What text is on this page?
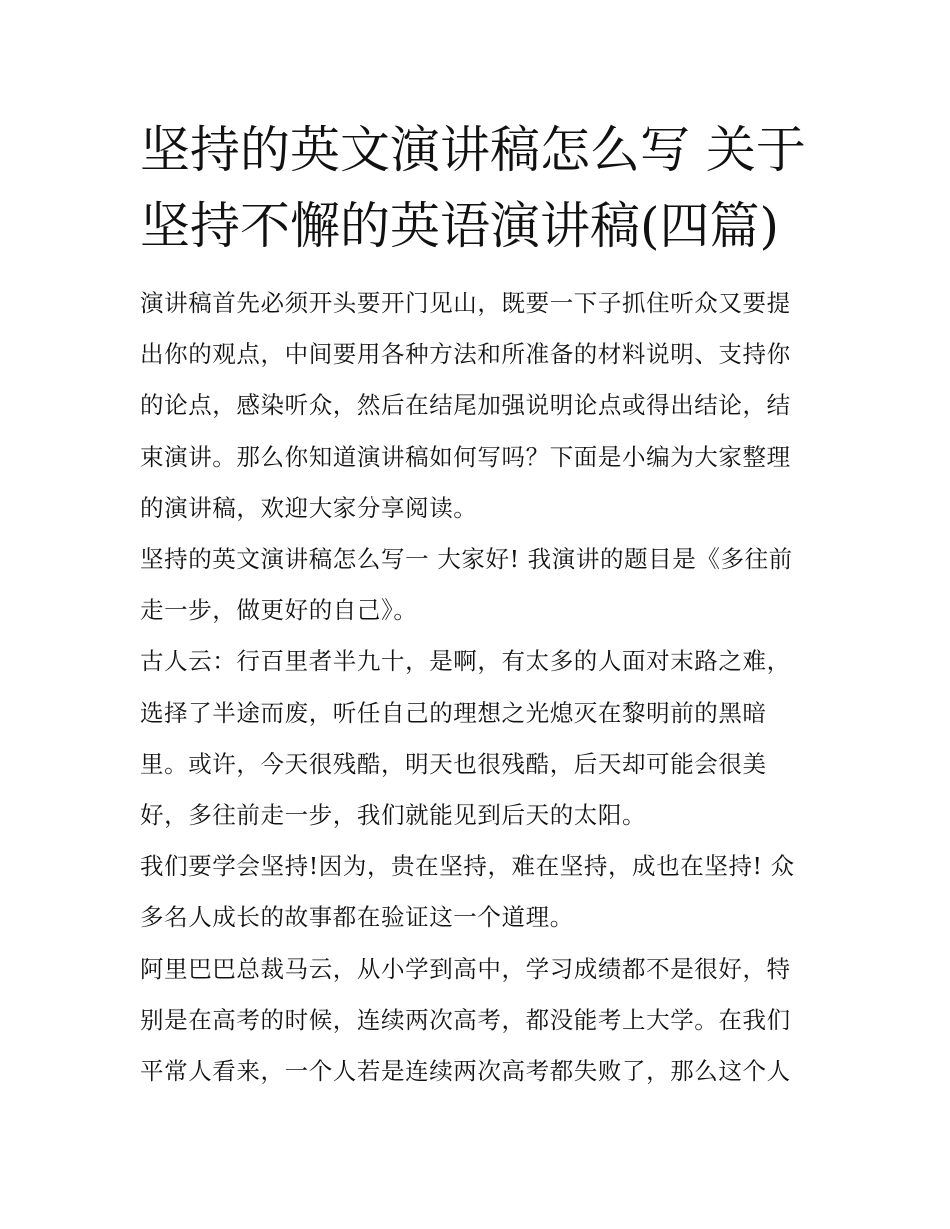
坚持的英文演讲稿怎么写 关于
坚持不懈的英语演讲稿(四篇)

演讲稿首先必须开头要开门见山，既要一下子抓住听众又要提
出你的观点，中间要用各种方法和所准备的材料说明、支持你
的论点，感染听众，然后在结尾加强说明论点或得出结论，结
束演讲。那么你知道演讲稿如何写吗？下面是小编为大家整理
的演讲稿，欢迎大家分享阅读。

坚持的英文演讲稿怎么写一 大家好! 我演讲的题目是《多往前
走一步，做更好的自己》。

古人云：行百里者半九十，是啊，有太多的人面对末路之难，
选择了半途而废，听任自己的理想之光熄灭在黎明前的黑暗
里。或许，今天很残酷，明天也很残酷，后天却可能会很美
好，多往前走一步，我们就能见到后天的太阳。

我们要学会坚持!因为，贵在坚持，难在坚持，成也在坚持! 众
多名人成长的故事都在验证这一个道理。

阿里巴巴总裁马云，从小学到高中，学习成绩都不是很好，特
别是在高考的时候，连续两次高考，都没能考上大学。在我们
平常人看来，一个人若是连续两次高考都失败了，那么这个人
